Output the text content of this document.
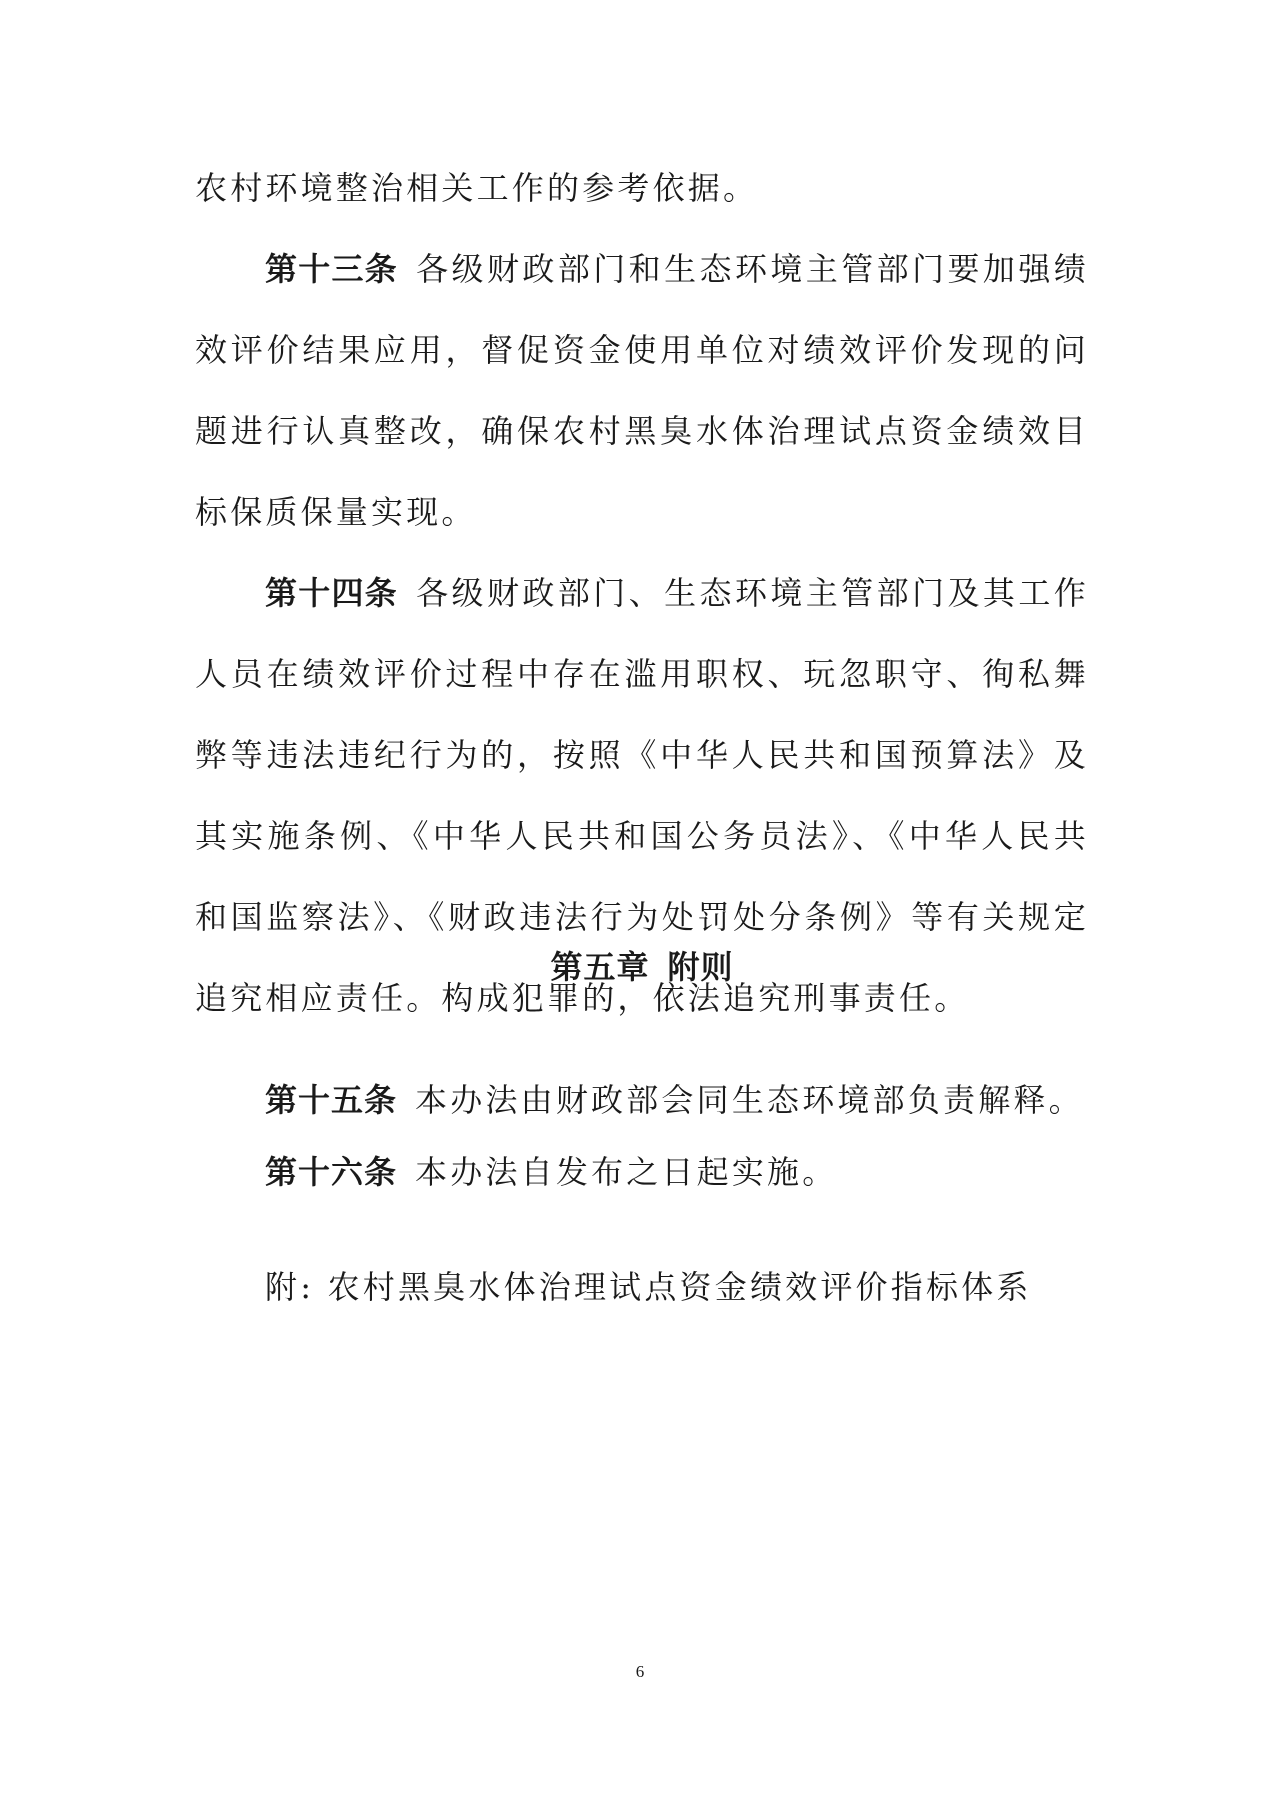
农村环境整治相关工作的参考依据。

第十三条 各级财政部门和生态环境主管部门要加强绩效评价结果应用，督促资金使用单位对绩效评价发现的问题进行认真整改，确保农村黑臭水体治理试点资金绩效目标保质保量实现。

第十四条 各级财政部门、生态环境主管部门及其工作人员在绩效评价过程中存在滥用职权、玩忽职守、徇私舞弊等违法违纪行为的，按照《中华人民共和国预算法》及其实施条例、《中华人民共和国公务员法》、《中华人民共和国监察法》、《财政违法行为处罚处分条例》等有关规定追究相应责任。构成犯罪的，依法追究刑事责任。

第五章 附则

第十五条 本办法由财政部会同生态环境部负责解释。

第十六条 本办法自发布之日起实施。

附: 农村黑臭水体治理试点资金绩效评价指标体系

6
